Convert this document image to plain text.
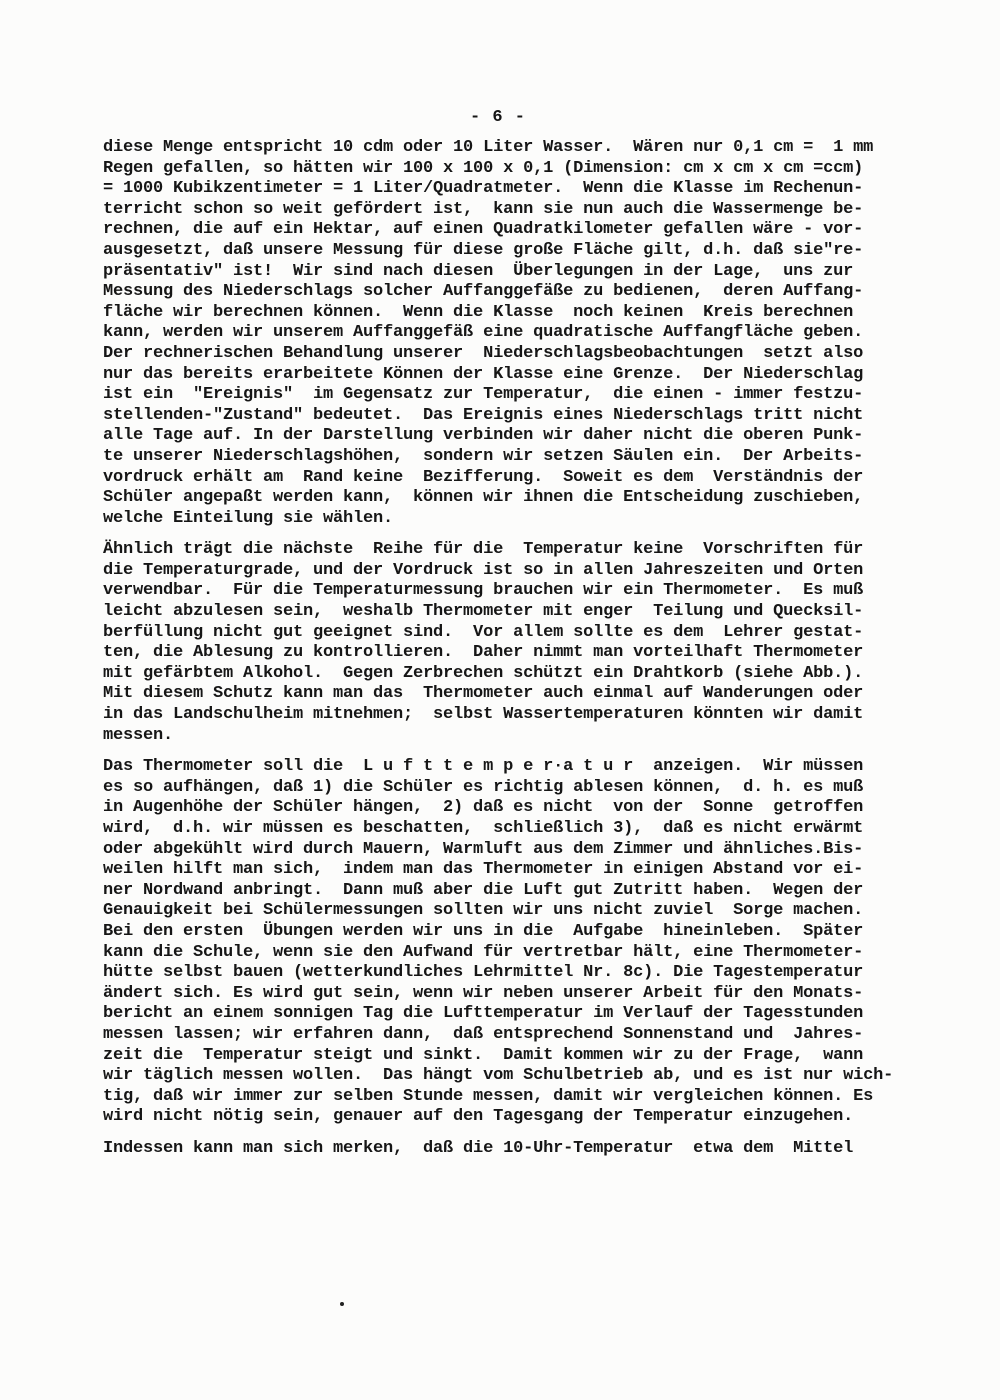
- 6 -
diese Menge entspricht 10 cdm oder 10 Liter Wasser.  Wären nur 0,1 cm =  1 mm
Regen gefallen, so hätten wir 100 x 100 x 0,1 (Dimension: cm x cm x cm =ccm)
= 1000 Kubikzentimeter = 1 Liter/Quadratmeter.  Wenn die Klasse im Rechenun-
terricht schon so weit gefördert ist,  kann sie nun auch die Wassermenge be-
rechnen, die auf ein Hektar, auf einen Quadratkilometer gefallen wäre - vor-
ausgesetzt, daß unsere Messung für diese große Fläche gilt, d.h. daß sie"re-
präsentativ" ist!  Wir sind nach diesen  Überlegungen in der Lage,  uns zur
Messung des Niederschlags solcher Auffanggefäße zu bedienen,  deren Auffang-
fläche wir berechnen können.  Wenn die Klasse  noch keinen  Kreis berechnen
kann, werden wir unserem Auffanggefäß eine quadratische Auffangfläche geben.
Der rechnerischen Behandlung unserer  Niederschlagsbeobachtungen  setzt also
nur das bereits erarbeitete Können der Klasse eine Grenze.  Der Niederschlag
ist ein  "Ereignis"  im Gegensatz zur Temperatur,  die einen - immer festzu-
stellenden-"Zustand" bedeutet.  Das Ereignis eines Niederschlags tritt nicht
alle Tage auf. In der Darstellung verbinden wir daher nicht die oberen Punk-
te unserer Niederschlagshöhen,  sondern wir setzen Säulen ein.  Der Arbeits-
vordruck erhält am  Rand keine  Bezifferung.  Soweit es dem  Verständnis der
Schüler angepaßt werden kann,  können wir ihnen die Entscheidung zuschieben,
welche Einteilung sie wählen.
Ähnlich trägt die nächste  Reihe für die  Temperatur keine  Vorschriften für
die Temperaturgrade, und der Vordruck ist so in allen Jahreszeiten und Orten
verwendbar.  Für die Temperaturmessung brauchen wir ein Thermometer.  Es muß
leicht abzulesen sein,  weshalb Thermometer mit enger  Teilung und Quecksil-
berfüllung nicht gut geeignet sind.  Vor allem sollte es dem  Lehrer gestat-
ten, die Ablesung zu kontrollieren.  Daher nimmt man vorteilhaft Thermometer
mit gefärbtem Alkohol.  Gegen Zerbrechen schützt ein Drahtkorb (siehe Abb.).
Mit diesem Schutz kann man das  Thermometer auch einmal auf Wanderungen oder
in das Landschulheim mitnehmen;  selbst Wassertemperaturen könnten wir damit
messen.
Das Thermometer soll die  L u f t t e m p e r·a t u r  anzeigen.  Wir müssen
es so aufhängen, daß 1) die Schüler es richtig ablesen können,  d. h. es muß
in Augenhöhe der Schüler hängen,  2) daß es nicht  von der  Sonne  getroffen
wird,  d.h. wir müssen es beschatten,  schließlich 3),  daß es nicht erwärmt
oder abgekühlt wird durch Mauern, Warmluft aus dem Zimmer und ähnliches.Bis-
weilen hilft man sich,  indem man das Thermometer in einigen Abstand vor ei-
ner Nordwand anbringt.  Dann muß aber die Luft gut Zutritt haben.  Wegen der
Genauigkeit bei Schülermessungen sollten wir uns nicht zuviel  Sorge machen.
Bei den ersten  Übungen werden wir uns in die  Aufgabe  hineinleben.  Später
kann die Schule, wenn sie den Aufwand für vertretbar hält, eine Thermometer-
hütte selbst bauen (wetterkundliches Lehrmittel Nr. 8c). Die Tagestemperatur
ändert sich. Es wird gut sein, wenn wir neben unserer Arbeit für den Monats-
bericht an einem sonnigen Tag die Lufttemperatur im Verlauf der Tagesstunden
messen lassen; wir erfahren dann,  daß entsprechend Sonnenstand und  Jahres-
zeit die  Temperatur steigt und sinkt.  Damit kommen wir zu der Frage,  wann
wir täglich messen wollen.  Das hängt vom Schulbetrieb ab, und es ist nur wich-
tig, daß wir immer zur selben Stunde messen, damit wir vergleichen können. Es
wird nicht nötig sein, genauer auf den Tagesgang der Temperatur einzugehen.
Indessen kann man sich merken,  daß die 10-Uhr-Temperatur  etwa dem  Mittel
